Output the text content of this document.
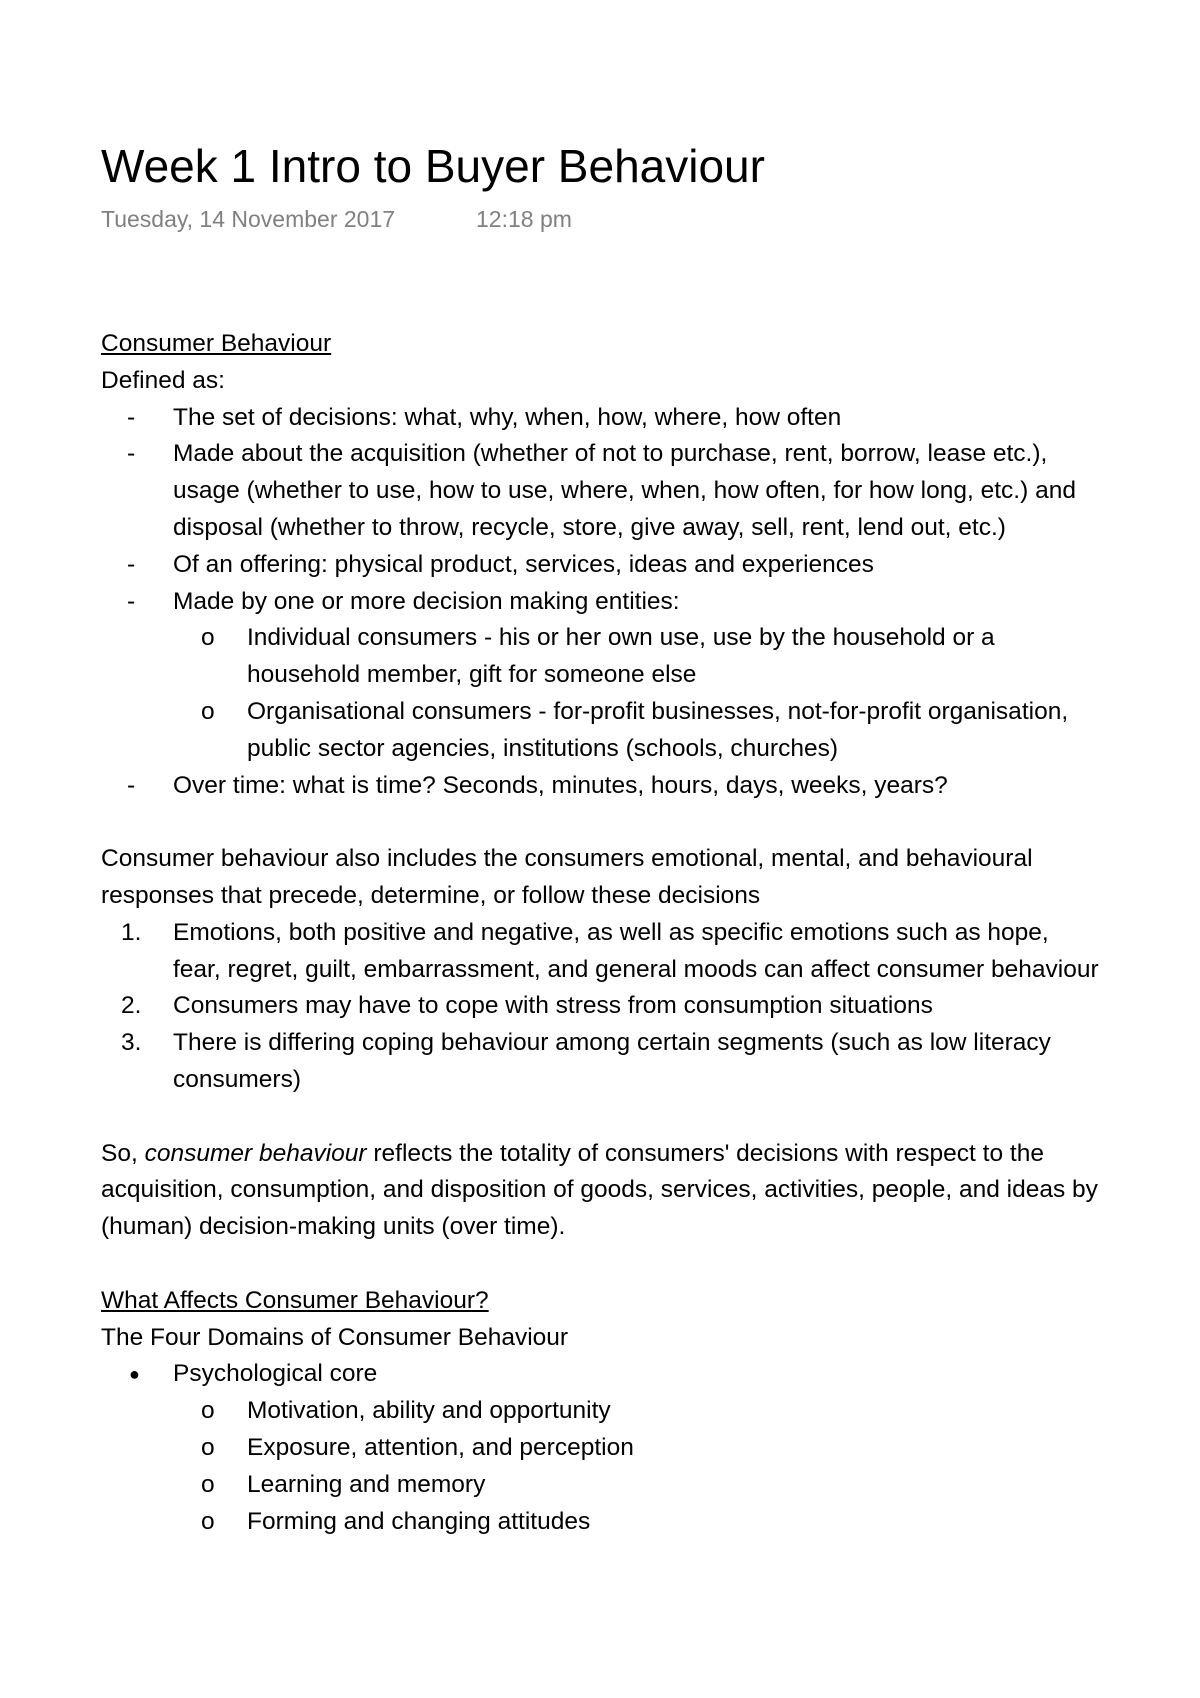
Week 1 Intro to Buyer Behaviour
Tuesday, 14 November 2017	12:18 pm

Consumer Behaviour

Defined as:

- The set of decisions: what, why, when, how, where, how often
- Made about the acquisition (whether of not to purchase, rent, borrow, lease etc.), usage (whether to use, how to use, where, when, how often, for how long, etc.) and disposal (whether to throw, recycle, store, give away, sell, rent, lend out, etc.)
- Of an offering: physical product, services, ideas and experiences
- Made by one or more decision making entities:
o Individual consumers - his or her own use, use by the household or a household member, gift for someone else
o Organisational consumers - for-profit businesses, not-for-profit organisation, public sector agencies, institutions (schools, churches)
- Over time: what is time? Seconds, minutes, hours, days, weeks, years?

Consumer behaviour also includes the consumers emotional, mental, and behavioural responses that precede, determine, or follow these decisions

1. Emotions, both positive and negative, as well as specific emotions such as hope, fear, regret, guilt, embarrassment, and general moods can affect consumer behaviour
2. Consumers may have to cope with stress from consumption situations
3. There is differing coping behaviour among certain segments (such as low literacy consumers)

So, consumer behaviour reflects the totality of consumers' decisions with respect to the acquisition, consumption, and disposition of goods, services, activities, people, and ideas by (human) decision-making units (over time).

What Affects Consumer Behaviour?

The Four Domains of Consumer Behaviour

● Psychological core
o Motivation, ability and opportunity
o Exposure, attention, and perception
o Learning and memory
o Forming and changing attitudes
